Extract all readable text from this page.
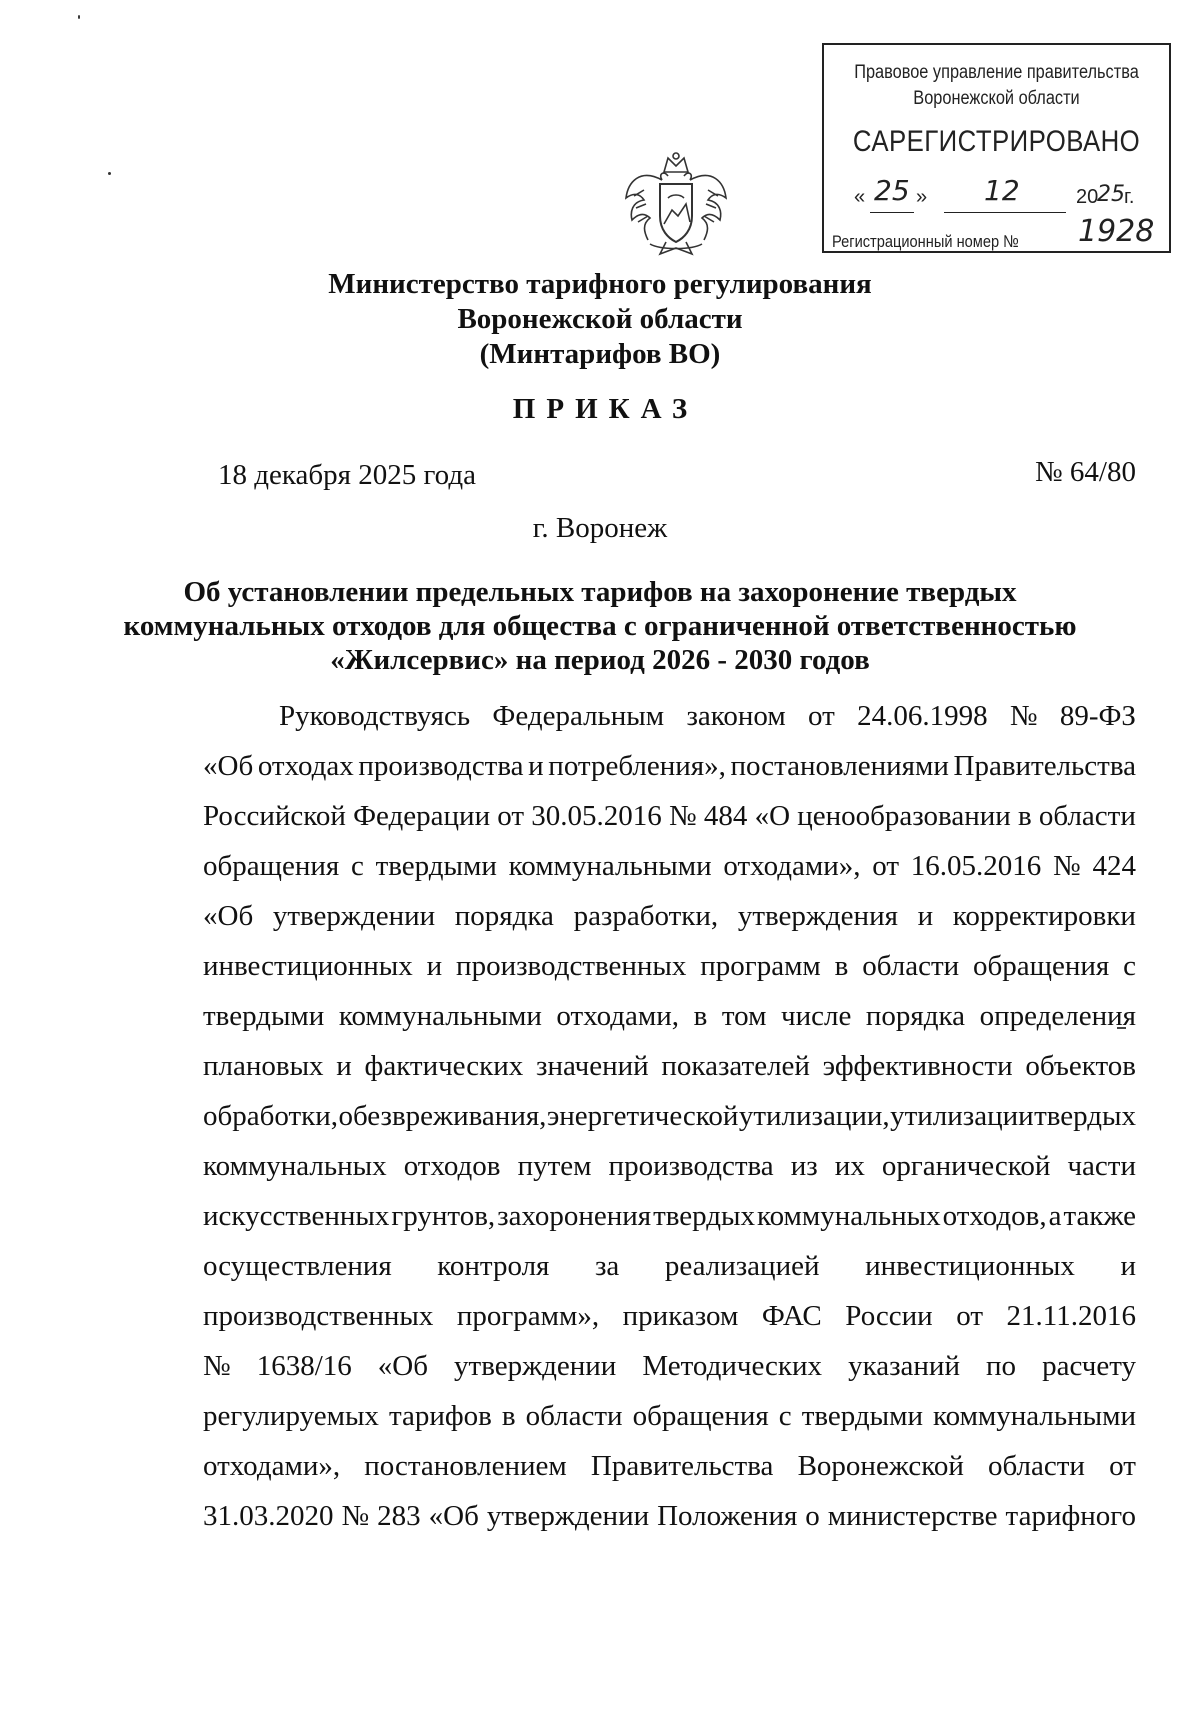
Правовое управление правительства
Воронежской области
САРЕГИСТРИРОВАНО
« 25 » 12	20
25 г.
Регистрационный номер № 1928
Министерство тарифного регулирования
Воронежской области
(Минтарифов ВО)
ПРИКАЗ
18 декабря 2025 года	№ 64/80
г. Воронеж
Об установлении предельных тарифов на захоронение твердых
коммунальных отходов для общества с ограниченной ответственностью
«Жилсервис» на период 2026 - 2030 годов
Руководствуясь Федеральным законом от 24.06.1998 № 89-ФЗ
«Об отходах производства и потребления», постановлениями Правительства
Российской Федерации от 30.05.2016 № 484 «О ценообразовании в области
обращения с твердыми коммунальными отходами», от 16.05.2016 № 424
«Об утверждении порядка разработки, утверждения и корректировки
инвестиционных и производственных программ в области обращения с
твердыми коммунальными отходами, в том числе порядка определения
плановых и фактических значений показателей эффективности объектов
обработки, обезвреживания, энергетической утилизации, утилизации твердых
коммунальных отходов путем производства из их органической части
искусственных грунтов, захоронения твердых коммунальных отходов, а также
осуществления контроля за реализацией инвестиционных и
производственных программ», приказом ФАС России от 21.11.2016
№ 1638/16 «Об утверждении Методических указаний по расчету
регулируемых тарифов в области обращения с твердыми коммунальными
отходами», постановлением Правительства Воронежской области от
31.03.2020 № 283 «Об утверждении Положения о министерстве тарифного
